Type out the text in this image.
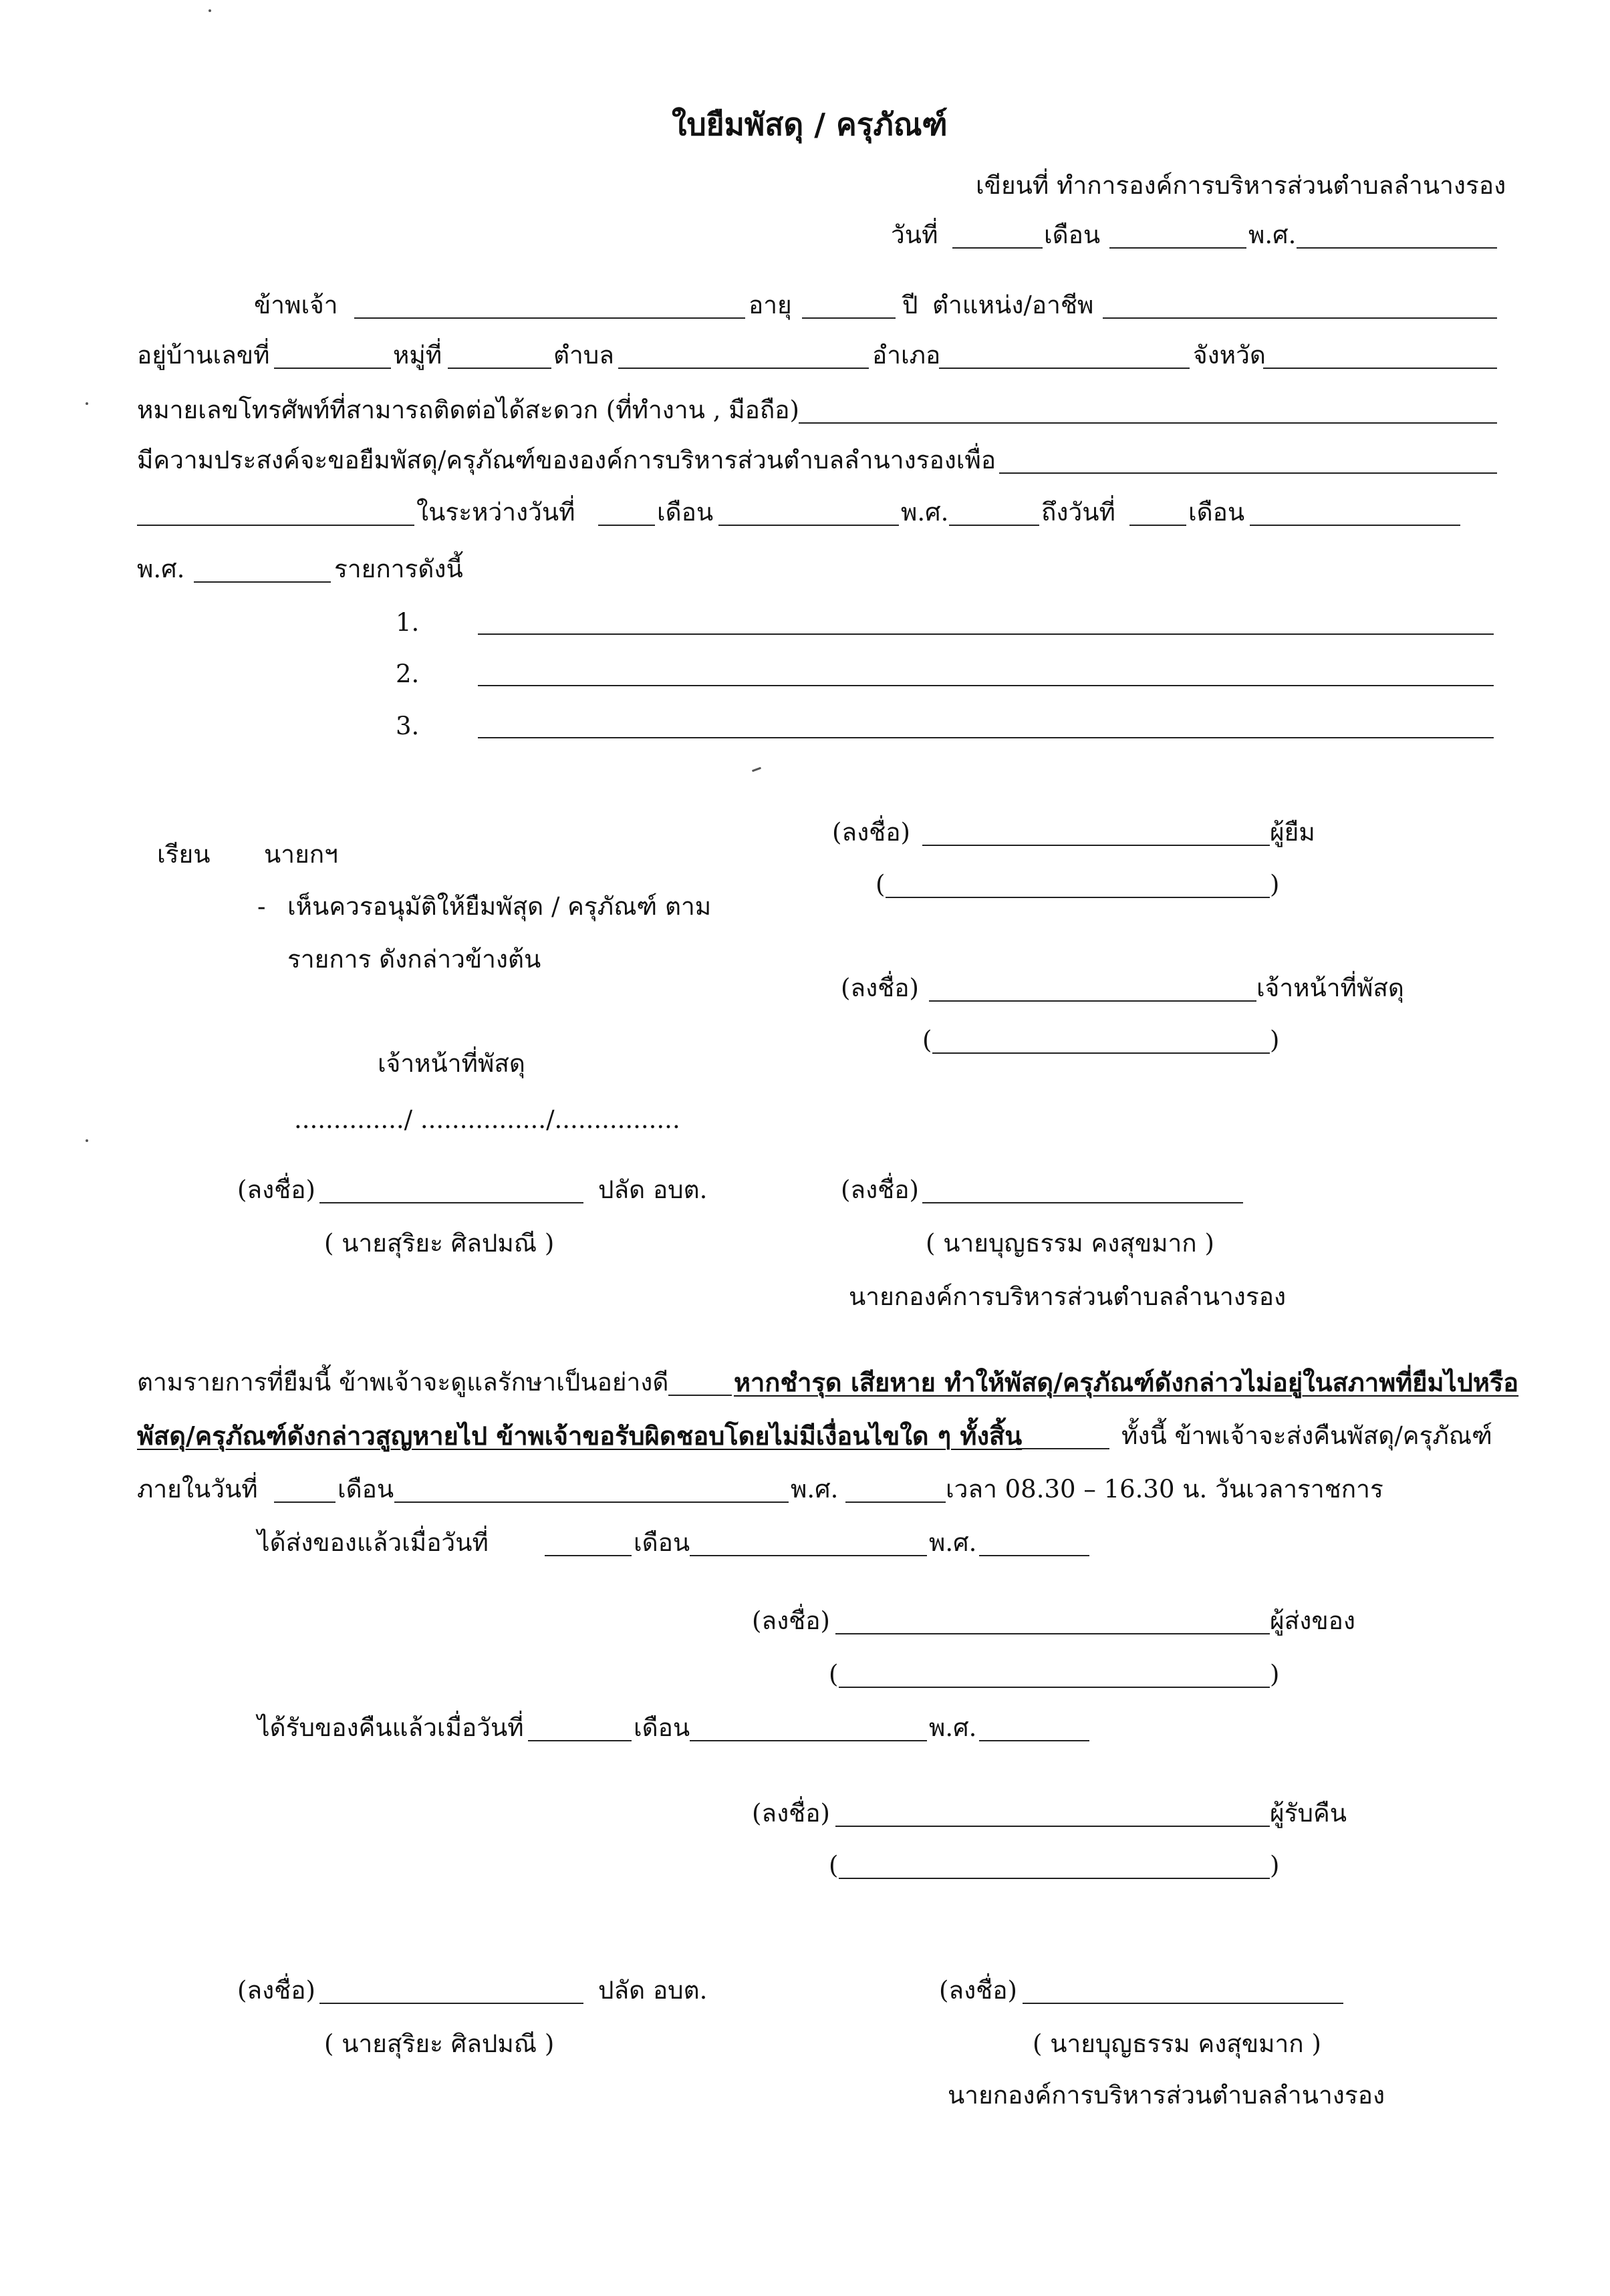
ใบยืมพัสดุ / ครุภัณฑ์
เขียนที่ ทำการองค์การบริหารส่วนตำบลลำนางรอง
วันที่	เดือน	พ.ศ.
ข้าพเจ้า	อายุ	ปี ตำแหน่ง/อาชีพ
อยู่บ้านเลขที่	หมู่ที่	ตำบล	อำเภอ	จังหวัด
หมายเลขโทรศัพท์ที่สามารถติดต่อได้สะดวก (ที่ทำงาน , มือถือ)
มีความประสงค์จะขอยืมพัสดุ/ครุภัณฑ์ขององค์การบริหารส่วนตำบลลำนางรองเพื่อ
ในระหว่างวันที่	เดือน	พ.ศ.	ถึงวันที่	เดือน
พ.ศ.	รายการดังนี้
1.
2.
3.
เรียน นายกฯ
- เห็นควรอนุมัติให้ยืมพัสุด / ครุภัณฑ์ ตาม
รายการ ดังกล่าวข้างต้น
เจ้าหน้าที่พัสดุ
............../ ................/................
(ลงชื่อ)	ผู้ยืม
(	)
(ลงชื่อ)	เจ้าหน้าที่พัสดุ
(	)
(ลงชื่อ)	ปลัด อบต.
( นายสุริยะ ศิลปมณี )
(ลงชื่อ)
( นายบุญธรรม คงสุขมาก )
นายกองค์การบริหารส่วนตำบลลำนางรอง
ตามรายการที่ยืมนี้ ข้าพเจ้าจะดูแลรักษาเป็นอย่างดี	หากชำรุด เสียหาย ทำให้พัสดุ/ครุภัณฑ์ดังกล่าวไม่อยู่ในสภาพที่ยืมไปหรือ
พัสดุ/ครุภัณฑ์ดังกล่าวสูญหายไป ข้าพเจ้าขอรับผิดชอบโดยไม่มีเงื่อนไขใด ๆ ทั้งสิ้น	ทั้งนี้ ข้าพเจ้าจะส่งคืนพัสดุ/ครุภัณฑ์
ภายในวันที่	เดือน	พ.ศ.	เวลา 08.30 – 16.30 น. วันเวลาราชการ
ได้ส่งของแล้วเมื่อวันที่	เดือน	พ.ศ.
(ลงชื่อ)	ผู้ส่งของ
(	)
ได้รับของคืนแล้วเมื่อวันที่	เดือน	พ.ศ.
(ลงชื่อ)	ผู้รับคืน
(	)
(ลงชื่อ)	ปลัด อบต.
( นายสุริยะ ศิลปมณี )
(ลงชื่อ)
( นายบุญธรรม คงสุขมาก )
นายกองค์การบริหารส่วนตำบลลำนางรอง
